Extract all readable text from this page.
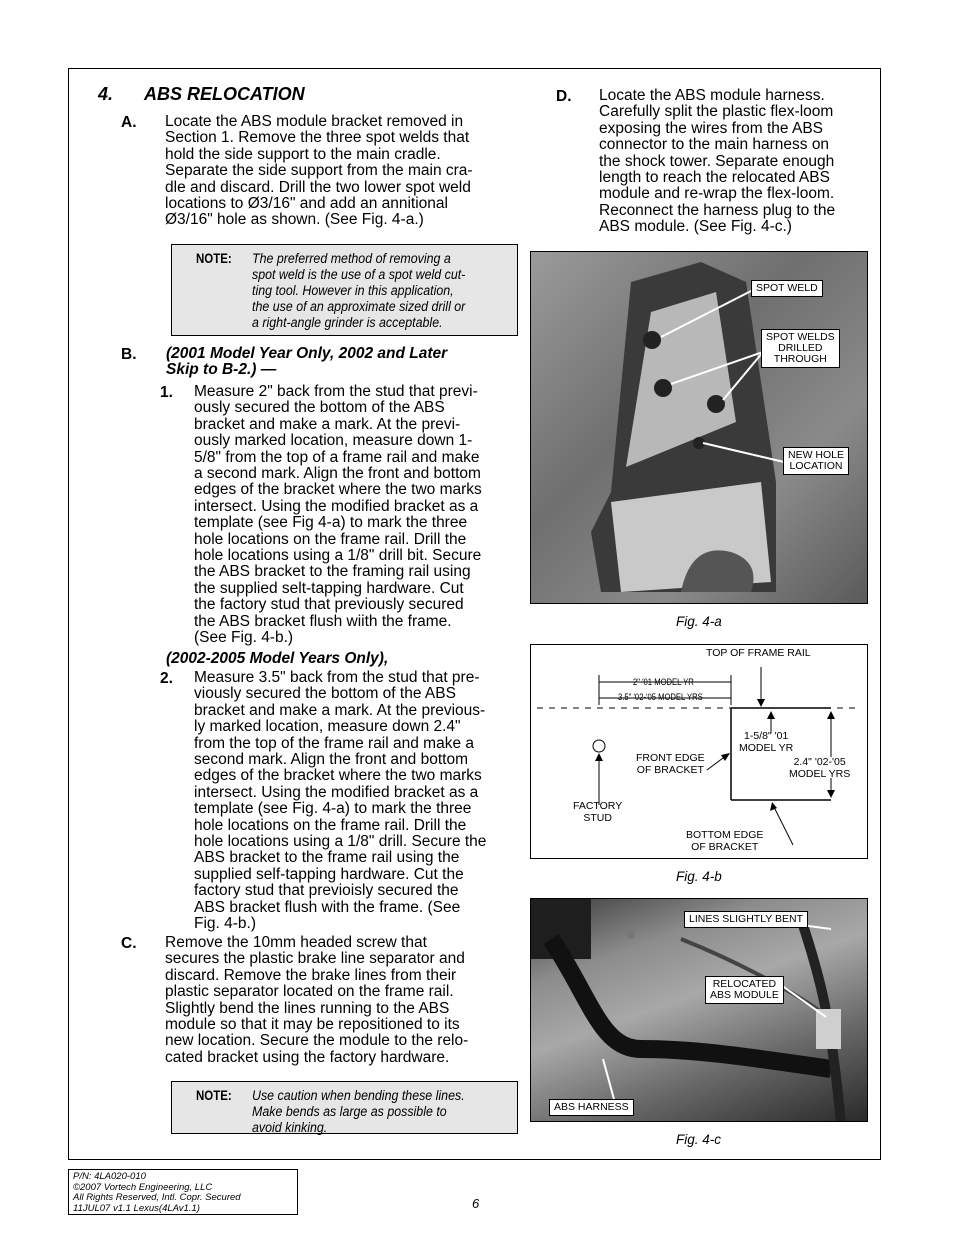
4. ABS RELOCATION
A. Locate the ABS module bracket removed in
Section 1. Remove the three spot welds that
hold the side support to the main cradle.
Separate the side support from the main cra-
dle and discard. Drill the two lower spot weld
locations to Ø3/16" and add an annitional
Ø3/16" hole as shown. (See Fig. 4-a.)
NOTE: The preferred method of removing a
spot weld is the use of a spot weld cut-
ting tool. However in this application,
the use of an approximate sized drill or
a right-angle grinder is acceptable.
B. (2001 Model Year Only, 2002 and Later
Skip to B-2.) —
1. Measure 2" back from the stud that previ-
ously secured the bottom of the ABS
bracket and make a mark. At the previ-
ously marked location, measure down 1-
5/8" from the top of a frame rail and make
a second mark. Align the front and bottom
edges of the bracket where the two marks
intersect. Using the modified bracket as a
template (see Fig 4-a) to mark the three
hole locations on the frame rail. Drill the
hole locations using a 1/8" drill bit. Secure
the ABS bracket to the framing rail using
the supplied selt-tapping hardware. Cut
the factory stud that previously secured
the ABS bracket flush wiith the frame.
(See Fig. 4-b.)
(2002-2005 Model Years Only),
2. Measure 3.5" back from the stud that pre-
viously secured the bottom of the ABS
bracket and make a mark. At the previous-
ly marked location, measure down 2.4"
from the top of the frame rail and make a
second mark. Align the front and bottom
edges of the bracket where the two marks
intersect. Using the modified bracket as a
template (see Fig. 4-a) to mark the three
hole locations on the frame rail. Drill the
hole locations using a 1/8" drill. Secure the
ABS bracket to the frame rail using the
supplied self-tapping hardware. Cut the
factory stud that previoisly secured the
ABS bracket flush with the frame. (See
Fig. 4-b.)
C. Remove the 10mm headed screw that
secures the plastic brake line separator and
discard. Remove the brake lines from their
plastic separator located on the frame rail.
Slightly bend the lines running to the ABS
module so that it may be repositioned to its
new location. Secure the module to the relo-
cated bracket using the factory hardware.
NOTE: Use caution when bending these lines.
Make bends as large as possible to
avoid kinking.
D. Locate the ABS module harness.
Carefully split the plastic flex-loom
exposing the wires from the ABS
connector to the main harness on
the shock tower. Separate enough
length to reach the relocated ABS
module and re-wrap the flex-loom.
Reconnect the harness plug to the
ABS module. (See Fig. 4-c.)
SPOT WELD
SPOT WELDS
DRILLED
THROUGH
NEW HOLE
LOCATION
Fig. 4-a
TOP OF FRAME RAIL
2" '01 MODEL YR
3.5" '02-'05 MODEL YRS
1-5/8" '01
MODEL YR
2.4" '02-'05
MODEL YRS
FRONT EDGE
OF BRACKET
FACTORY
STUD
BOTTOM EDGE
OF BRACKET
Fig. 4-b
LINES SLIGHTLY BENT
RELOCATED
ABS MODULE
ABS HARNESS
Fig. 4-c
P/N: 4LA020-010
©2007 Vortech Engineering, LLC
All Rights Reserved, Intl. Copr. Secured
11JUL07 v1.1 Lexus(4LAv1.1)	6
